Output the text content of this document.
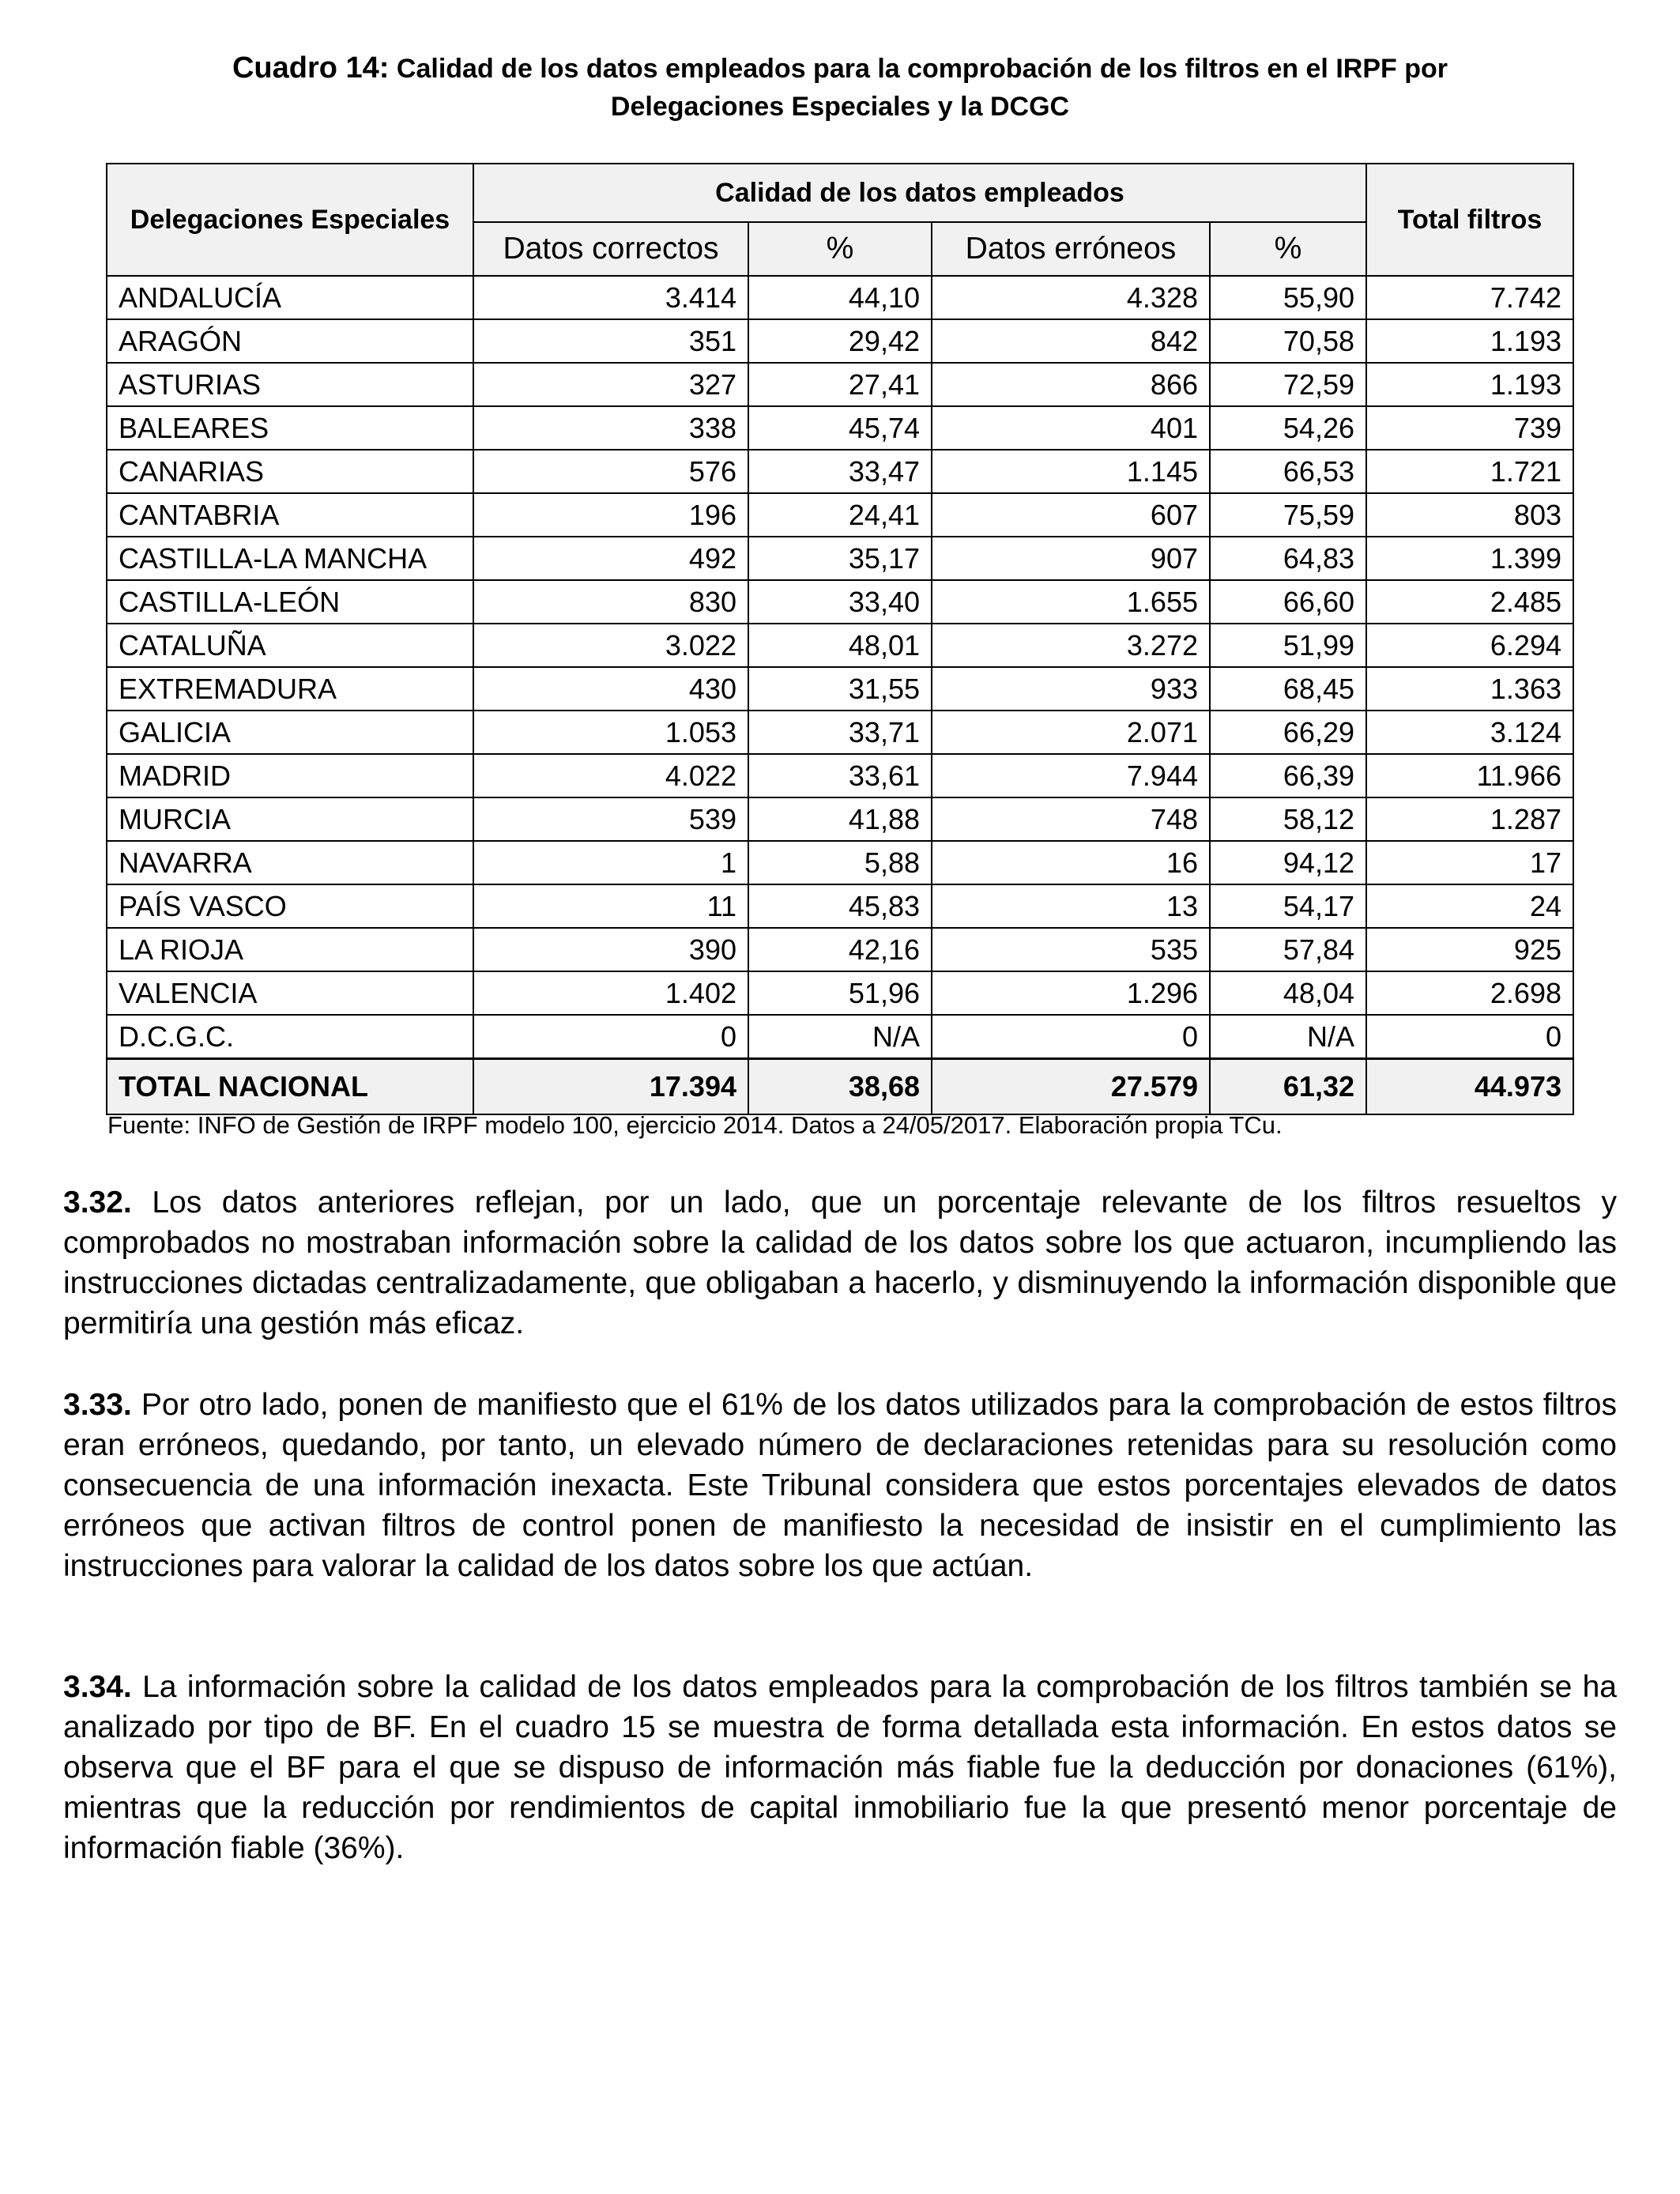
Cuadro 14: Calidad de los datos empleados para la comprobación de los filtros en el IRPF por
Delegaciones Especiales y la DCGC
Delegaciones Especiales	Calidad de los datos empleados				Total filtros
	Datos correctos	%	Datos erróneos	%	
ANDALUCÍA	3.414	44,10	4.328	55,90	7.742
ARAGÓN	351	29,42	842	70,58	1.193
ASTURIAS	327	27,41	866	72,59	1.193
BALEARES	338	45,74	401	54,26	739
CANARIAS	576	33,47	1.145	66,53	1.721
CANTABRIA	196	24,41	607	75,59	803
CASTILLA-LA MANCHA	492	35,17	907	64,83	1.399
CASTILLA-LEÓN	830	33,40	1.655	66,60	2.485
CATALUÑA	3.022	48,01	3.272	51,99	6.294
EXTREMADURA	430	31,55	933	68,45	1.363
GALICIA	1.053	33,71	2.071	66,29	3.124
MADRID	4.022	33,61	7.944	66,39	11.966
MURCIA	539	41,88	748	58,12	1.287
NAVARRA	1	5,88	16	94,12	17
PAÍS VASCO	11	45,83	13	54,17	24
LA RIOJA	390	42,16	535	57,84	925
VALENCIA	1.402	51,96	1.296	48,04	2.698
D.C.G.C.	0	N/A	0	N/A	0
TOTAL NACIONAL	17.394	38,68	27.579	61,32	44.973
Fuente: INFO de Gestión de IRPF modelo 100, ejercicio 2014. Datos a 24/05/2017. Elaboración propia TCu.
3.32. Los datos anteriores reflejan, por un lado, que un porcentaje relevante de los filtros resueltos y comprobados no mostraban información sobre la calidad de los datos sobre los que actuaron, incumpliendo las instrucciones dictadas centralizadamente, que obligaban a hacerlo, y disminuyendo la información disponible que permitiría una gestión más eficaz.
3.33. Por otro lado, ponen de manifiesto que el 61% de los datos utilizados para la comprobación de estos filtros eran erróneos, quedando, por tanto, un elevado número de declaraciones retenidas para su resolución como consecuencia de una información inexacta. Este Tribunal considera que estos porcentajes elevados de datos erróneos que activan filtros de control ponen de manifiesto la necesidad de insistir en el cumplimiento las instrucciones para valorar la calidad de los datos sobre los que actúan.
3.34. La información sobre la calidad de los datos empleados para la comprobación de los filtros también se ha analizado por tipo de BF. En el cuadro 15 se muestra de forma detallada esta información. En estos datos se observa que el BF para el que se dispuso de información más fiable fue la deducción por donaciones (61%), mientras que la reducción por rendimientos de capital inmobiliario fue la que presentó menor porcentaje de información fiable (36%).
